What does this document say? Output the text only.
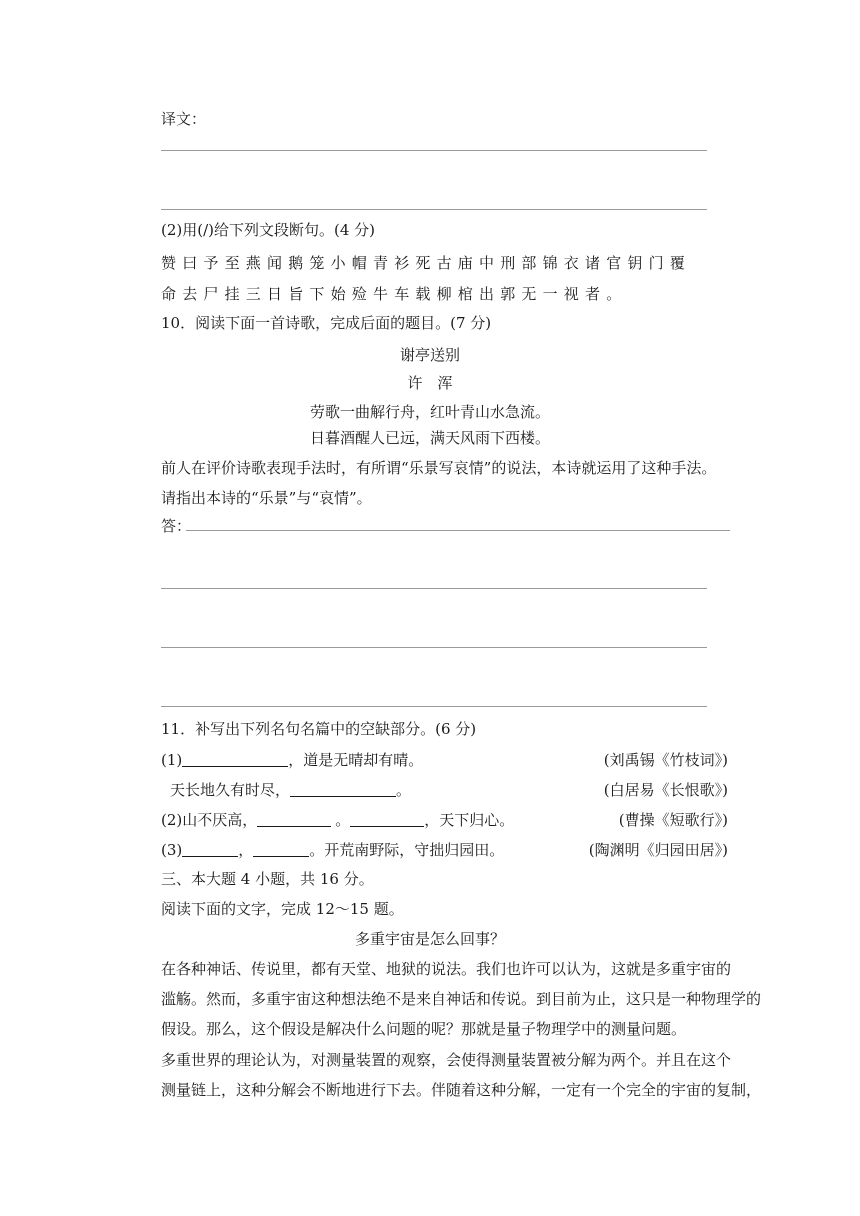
译文：
(2)用(/)给下列文段断句。(4 分)
赞曰予至燕闻鹅笼小帽青衫死古庙中刑部锦衣诸官钥门覆
命去尸挂三日旨下始殓牛车载柳棺出郭无一视者。
10．阅读下面一首诗歌，完成后面的题目。(7 分)
谢亭送别
许　浑
劳歌一曲解行舟，红叶青山水急流。
日暮酒醒人已远，满天风雨下西楼。
前人在评价诗歌表现手法时，有所谓“乐景写哀情”的说法，本诗就运用了这种手法。
请指出本诗的“乐景”与“哀情”。
答：
11．补写出下列名句名篇中的空缺部分。(6 分)
(1)	，道是无晴却有晴。	(刘禹锡《竹枝词》)
天长地久有时尽，	。	(白居易《长恨歌》)
(2)山不厌高，	。	，天下归心。	(曹操《短歌行》)
(3)	，	。开荒南野际，守拙归园田。	(陶渊明《归园田居》)
三、本大题 4 小题，共 16 分。
阅读下面的文字，完成 12～15 题。
多重宇宙是怎么回事？
在各种神话、传说里，都有天堂、地狱的说法。我们也许可以认为，这就是多重宇宙的
滥觞。然而，多重宇宙这种想法绝不是来自神话和传说。到目前为止，这只是一种物理学的
假设。那么，这个假设是解决什么问题的呢？那就是量子物理学中的测量问题。
多重世界的理论认为，对测量装置的观察，会使得测量装置被分解为两个。并且在这个
测量链上，这种分解会不断地进行下去。伴随着这种分解，一定有一个完全的宇宙的复制，
